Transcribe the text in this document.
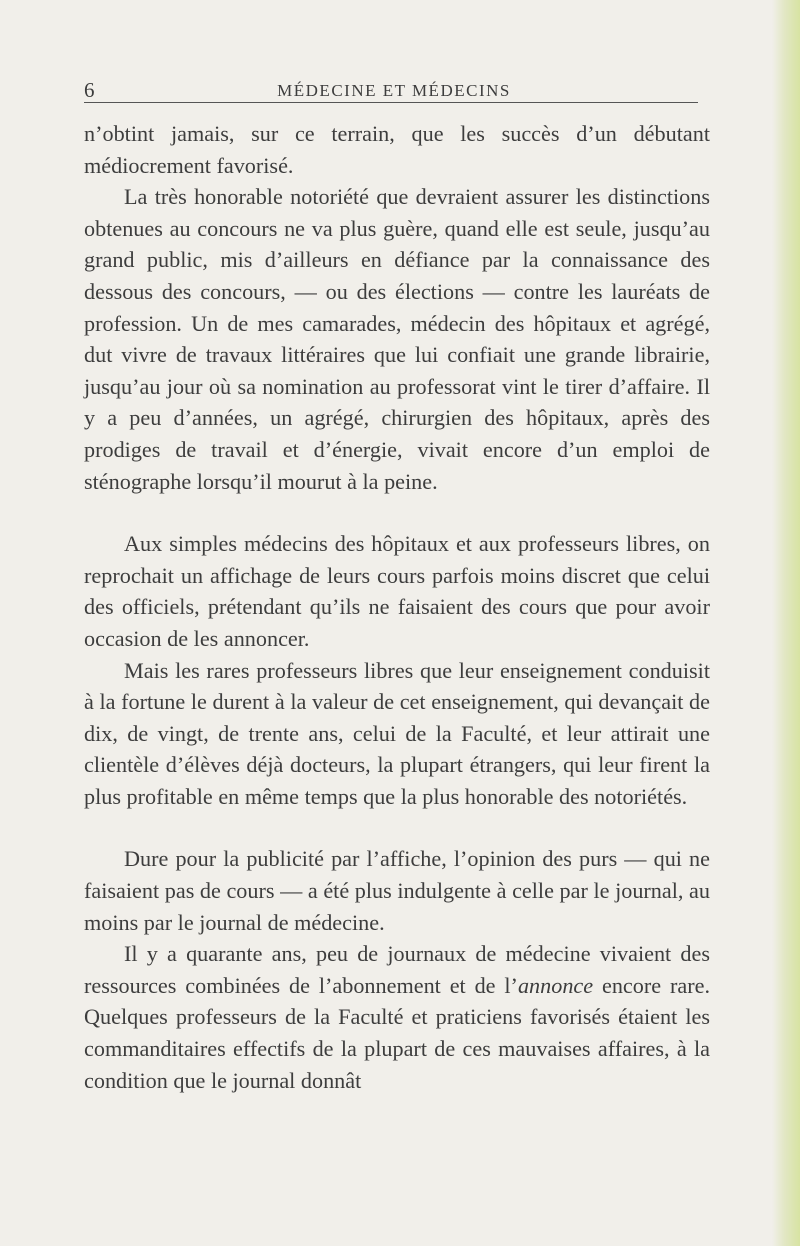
6	MÉDECINE ET MÉDECINS

n’obtint jamais, sur ce terrain, que les succès d’un débutant médiocrement favorisé.

La très honorable notoriété que devraient assurer les distinctions obtenues au concours ne va plus guère, quand elle est seule, jusqu’au grand public, mis d’ailleurs en défiance par la connaissance des dessous des concours, — ou des élections — contre les lauréats de profession. Un de mes camarades, médecin des hôpitaux et agrégé, dut vivre de travaux littéraires que lui confiait une grande librairie, jusqu’au jour où sa nomination au professorat vint le tirer d’affaire. Il y a peu d’années, un agrégé, chirurgien des hôpitaux, après des prodiges de travail et d’énergie, vivait encore d’un emploi de sténographe lorsqu’il mourut à la peine.

Aux simples médecins des hôpitaux et aux professeurs libres, on reprochait un affichage de leurs cours parfois moins discret que celui des officiels, prétendant qu’ils ne faisaient des cours que pour avoir occasion de les annoncer.

Mais les rares professeurs libres que leur enseignement conduisit à la fortune le durent à la valeur de cet enseignement, qui devançait de dix, de vingt, de trente ans, celui de la Faculté, et leur attirait une clientèle d’élèves déjà docteurs, la plupart étrangers, qui leur firent la plus profitable en même temps que la plus honorable des notoriétés.

Dure pour la publicité par l’affiche, l’opinion des purs — qui ne faisaient pas de cours — a été plus indulgente à celle par le journal, au moins par le journal de médecine.

Il y a quarante ans, peu de journaux de médecine vivaient des ressources combinées de l’abonnement et de l’annonce encore rare. Quelques professeurs de la Faculté et praticiens favorisés étaient les commanditaires effectifs de la plupart de ces mauvaises affaires, à la condition que le journal donnât
